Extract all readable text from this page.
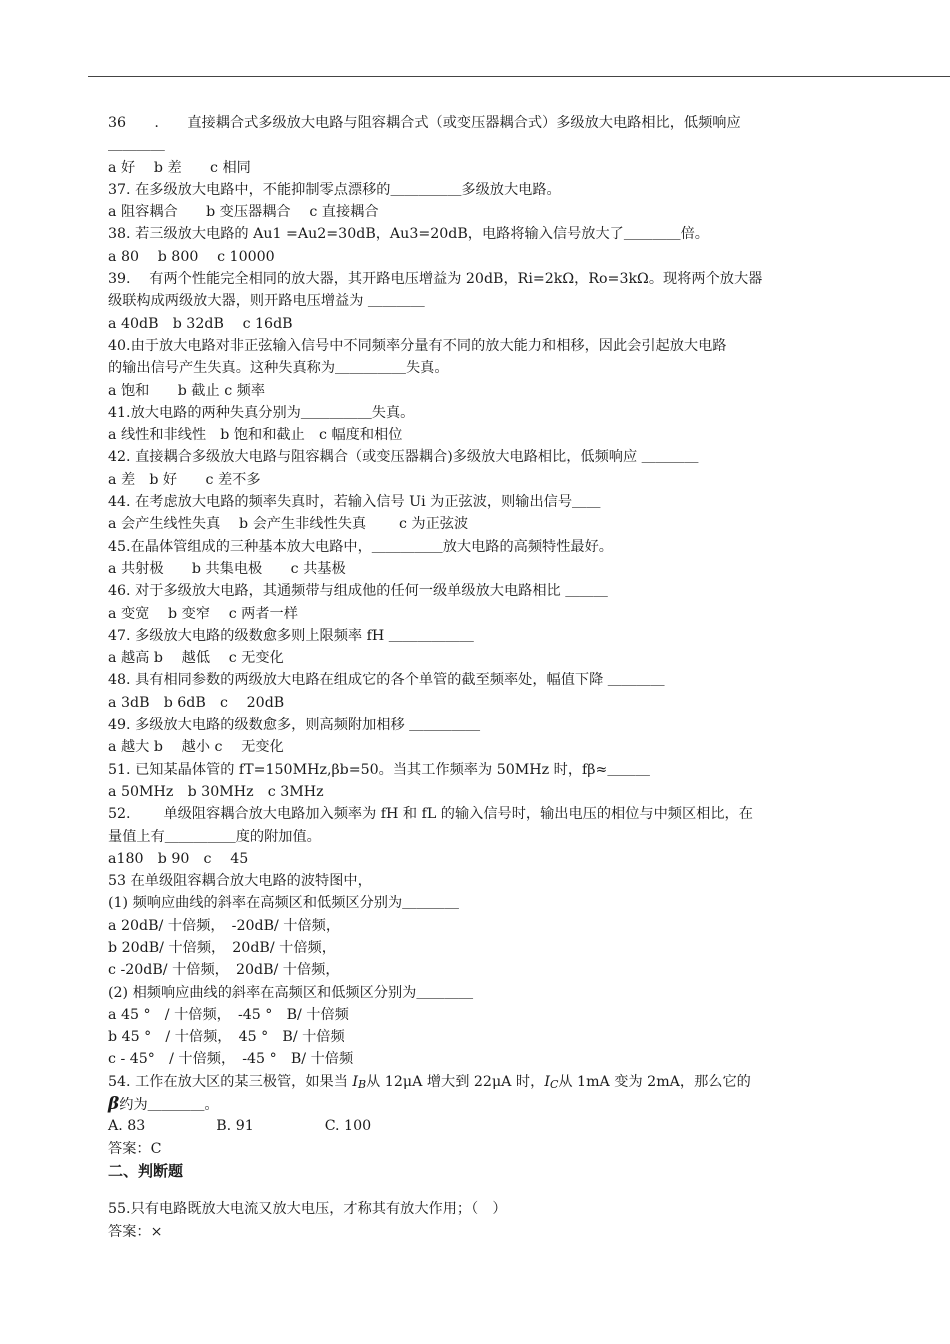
36　　.　　直接耦合式多级放大电路与阻容耦合式（或变压器耦合式）多级放大电路相比，低频响应
＿＿＿＿
a 好　 b 差　　c 相同
37. 在多级放大电路中，不能抑制零点漂移的＿＿＿＿＿多级放大电路。
a 阻容耦合　　b 变压器耦合　 c 直接耦合
38. 若三级放大电路的 Au1 =Au2=30dB，Au3=20dB，电路将输入信号放大了＿＿＿＿倍。
a 80　 b 800　 c 10000
39.　 有两个性能完全相同的放大器，其开路电压增益为 20dB，Ri=2kΩ，Ro=3kΩ。现将两个放大器
级联构成两级放大器，则开路电压增益为 ＿＿＿＿
a 40dB　b 32dB　 c 16dB
40.由于放大电路对非正弦输入信号中不同频率分量有不同的放大能力和相移，因此会引起放大电路
的输出信号产生失真。这种失真称为＿＿＿＿＿失真。
a 饱和　　b 截止 c 频率
41.放大电路的两种失真分别为＿＿＿＿＿失真。
a 线性和非线性　b 饱和和截止　c 幅度和相位
42. 直接耦合多级放大电路与阻容耦合（或变压器耦合)多级放大电路相比，低频响应 ＿＿＿＿
a 差　b 好　　c 差不多
44. 在考虑放大电路的频率失真时，若输入信号 Ui 为正弦波，则输出信号＿＿
a 会产生线性失真　 b 会产生非线性失真　　 c 为正弦波
45.在晶体管组成的三种基本放大电路中，＿＿＿＿＿放大电路的高频特性最好。
a 共射极　　b 共集电极　　c 共基极
46. 对于多级放大电路，其通频带与组成他的任何一级单级放大电路相比 ＿＿＿
a 变宽　 b 变窄　 c 两者一样
47. 多级放大电路的级数愈多则上限频率 fH ＿＿＿＿＿＿
a 越高 b　 越低　 c 无变化
48. 具有相同参数的两级放大电路在组成它的各个单管的截至频率处，幅值下降 ＿＿＿＿
a 3dB　b 6dB　c　 20dB
49. 多级放大电路的级数愈多，则高频附加相移 ＿＿＿＿＿
a 越大 b　 越小 c　 无变化
51. 已知某晶体管的 fT=150MHz,βb=50。当其工作频率为 50MHz 时，fβ≈＿＿＿
a 50MHz　b 30MHz　c 3MHz
52.　　 单级阻容耦合放大电路加入频率为 fH 和 fL 的输入信号时，输出电压的相位与中频区相比，在
量值上有＿＿＿＿＿度的附加值。
a180　b 90　c　 45
53 在单级阻容耦合放大电路的波特图中，
(1) 频响应曲线的斜率在高频区和低频区分别为＿＿＿＿
a 20dB/ 十倍频，　-20dB/ 十倍频，
b 20dB/ 十倍频，　20dB/ 十倍频，
c -20dB/ 十倍频，　20dB/ 十倍频，
(2) 相频响应曲线的斜率在高频区和低频区分别为＿＿＿＿
a 45 °　/ 十倍频，　-45 °　B/ 十倍频
b 45 °　/ 十倍频，　45 °　B/ 十倍频
c - 45°　/ 十倍频，　-45 °　B/ 十倍频
54. 工作在放大区的某三极管，如果当 IB从 12μA 增大到 22μA 时，IC从 1mA 变为 2mA，那么它的
β约为＿＿＿＿。
A. 83　　　　　B. 91　　　　　C. 100
答案：C
二、判断题
55.只有电路既放大电流又放大电压，才称其有放大作用；（　）
答案：×
